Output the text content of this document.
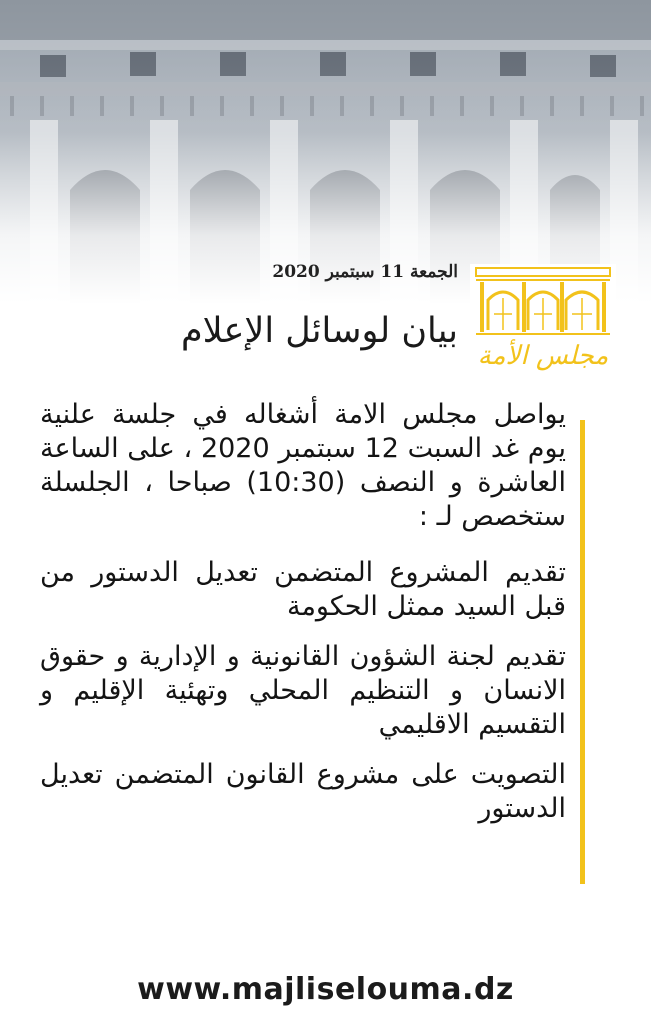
مجلس الأمة
الجمعة 11 سبتمبر 2020
بيان لوسائل الإعلام

يواصل مجلس الامة أشغاله في جلسة علنية يوم غد السبت 12 سبتمبر 2020 ، على الساعة العاشرة و النصف (10:30) صباحا ، الجلسلة ستخصص لـ :

تقديم المشروع المتضمن تعديل الدستور من قبل السيد ممثل الحكومة

تقديم لجنة الشؤون القانونية و الإدارية و حقوق الانسان و التنظيم المحلي وتهئية الإقليم و التقسيم الاقليمي

التصويت على مشروع القانون المتضمن تعديل الدستور

www.majliselouma.dz
